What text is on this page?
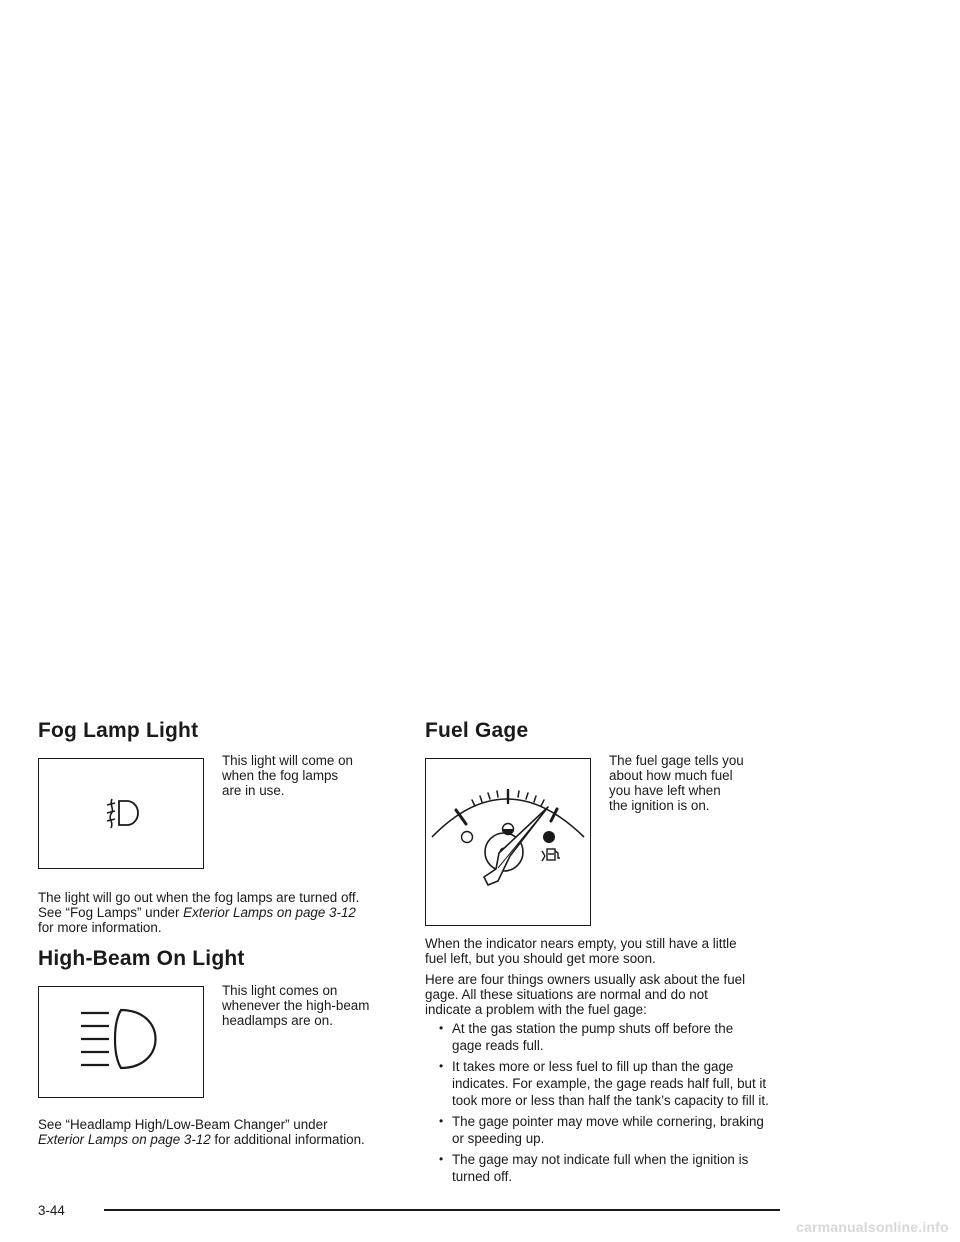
Fog Lamp Light
This light will come on
when the fog lamps
are in use.
The light will go out when the fog lamps are turned off.
See “Fog Lamps” under Exterior Lamps on page 3-12
for more information.
High-Beam On Light
This light comes on
whenever the high-beam
headlamps are on.
See “Headlamp High/Low-Beam Changer” under
Exterior Lamps on page 3-12 for additional information.
Fuel Gage
The fuel gage tells you
about how much fuel
you have left when
the ignition is on.
When the indicator nears empty, you still have a little
fuel left, but you should get more soon.
Here are four things owners usually ask about the fuel
gage. All these situations are normal and do not
indicate a problem with the fuel gage:
• At the gas station the pump shuts off before the
gage reads full.
• It takes more or less fuel to fill up than the gage
indicates. For example, the gage reads half full, but it
took more or less than half the tank’s capacity to fill it.
• The gage pointer may move while cornering, braking
or speeding up.
• The gage may not indicate full when the ignition is
turned off.
3-44
carmanualsonline.info
